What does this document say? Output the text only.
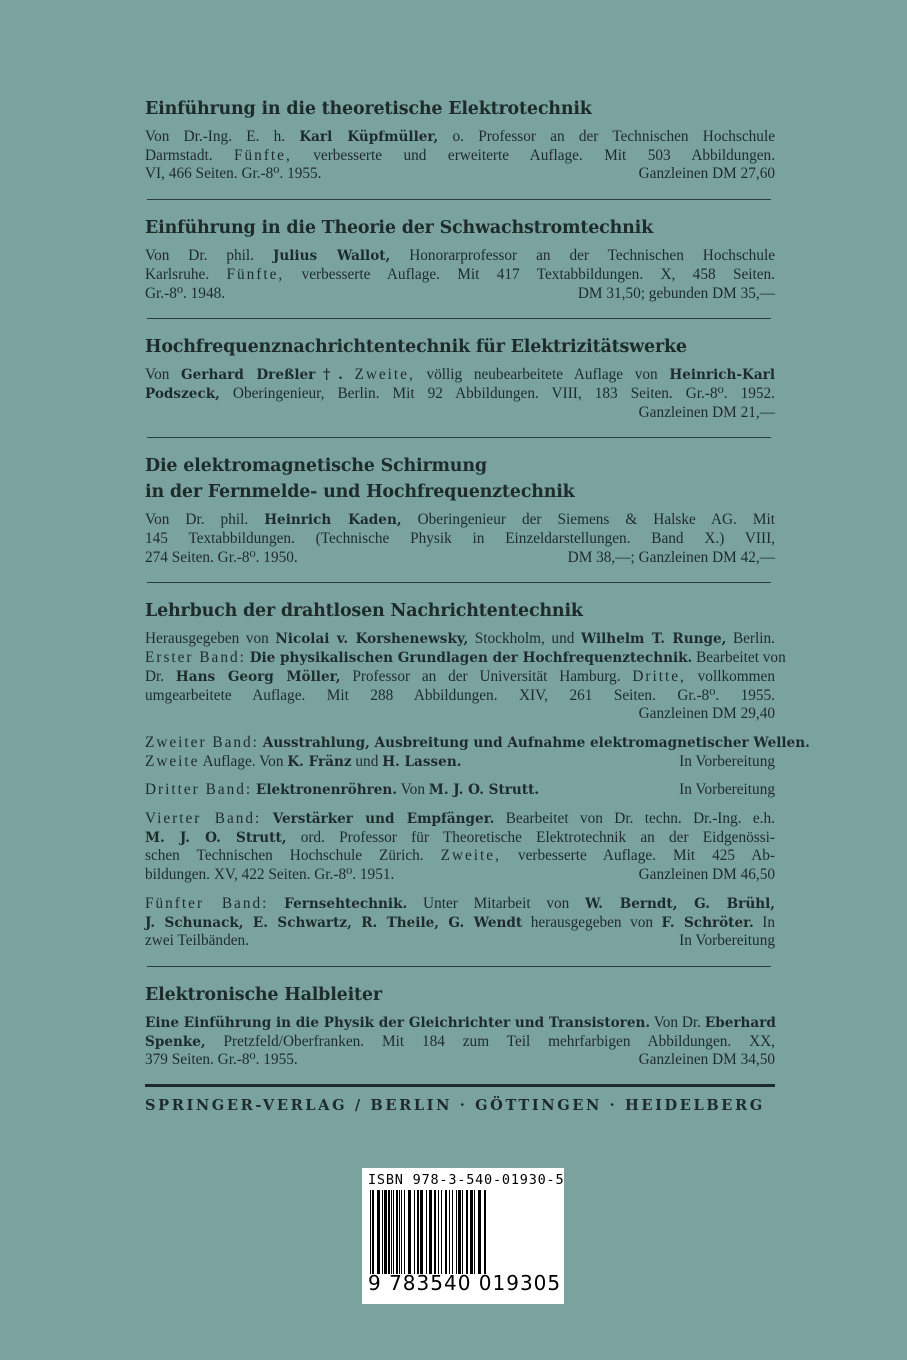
Einführung in die theoretische Elektrotechnik

Von Dr.-Ing. E. h. Karl Küpfmüller, o. Professor an der Technischen Hochschule
Darmstadt. Fünfte, verbesserte und erweiterte Auflage. Mit 503 Abbildungen.
VI, 466 Seiten. Gr.-8⁰. 1955.	Ganzleinen DM 27,60

Einführung in die Theorie der Schwachstromtechnik

Von Dr. phil. Julius Wallot, Honorarprofessor an der Technischen Hochschule
Karlsruhe. Fünfte, verbesserte Auflage. Mit 417 Textabbildungen. X, 458 Seiten.
Gr.-8⁰. 1948.	DM 31,50; gebunden DM 35,—

Hochfrequenznachrichtentechnik für Elektrizitätswerke

Von Gerhard Dreßler†. Zweite, völlig neubearbeitete Auflage von Heinrich-Karl
Podszeck, Oberingenieur, Berlin. Mit 92 Abbildungen. VIII, 183 Seiten. Gr.-8⁰. 1952.
Ganzleinen DM 21,—

Die elektromagnetische Schirmung

in der Fernmelde- und Hochfrequenztechnik

Von Dr. phil. Heinrich Kaden, Oberingenieur der Siemens & Halske AG. Mit
145 Textabbildungen. (Technische Physik in Einzeldarstellungen. Band X.) VIII,
274 Seiten. Gr.-8⁰. 1950.	DM 38,—; Ganzleinen DM 42,—

Lehrbuch der drahtlosen Nachrichtentechnik

Herausgegeben von Nicolai v. Korshenewsky, Stockholm, und Wilhelm T. Runge, Berlin.
Erster Band: Die physikalischen Grundlagen der Hochfrequenztechnik. Bearbeitet von
Dr. Hans Georg Möller, Professor an der Universität Hamburg. Dritte, vollkommen
umgearbeitete Auflage. Mit 288 Abbildungen. XIV, 261 Seiten. Gr.-8⁰. 1955.
Ganzleinen DM 29,40
Zweiter Band: Ausstrahlung, Ausbreitung und Aufnahme elektromagnetischer Wellen.
Zweite Auflage. Von K. Fränz und H. Lassen.	In Vorbereitung
Dritter Band: Elektronenröhren. Von M. J. O. Strutt.	In Vorbereitung
Vierter Band: Verstärker und Empfänger. Bearbeitet von Dr. techn. Dr.-Ing. e.h.
M. J. O. Strutt, ord. Professor für Theoretische Elektrotechnik an der Eidgenössi-
schen Technischen Hochschule Zürich. Zweite, verbesserte Auflage. Mit 425 Ab-
bildungen. XV, 422 Seiten. Gr.-8⁰. 1951.	Ganzleinen DM 46,50
Fünfter Band: Fernsehtechnik. Unter Mitarbeit von W. Berndt, G. Brühl,
J. Schunack, E. Schwartz, R. Theile, G. Wendt herausgegeben von F. Schröter. In
zwei Teilbänden.	In Vorbereitung

Elektronische Halbleiter

Eine Einführung in die Physik der Gleichrichter und Transistoren. Von Dr. Eberhard
Spenke, Pretzfeld/Oberfranken. Mit 184 zum Teil mehrfarbigen Abbildungen. XX,
379 Seiten. Gr.-8⁰. 1955.	Ganzleinen DM 34,50
SPRINGER-VERLAG / BERLIN · GÖTTINGEN · HEIDELBERG
ISBN 978-3-540-01930-5
9 783540 019305
